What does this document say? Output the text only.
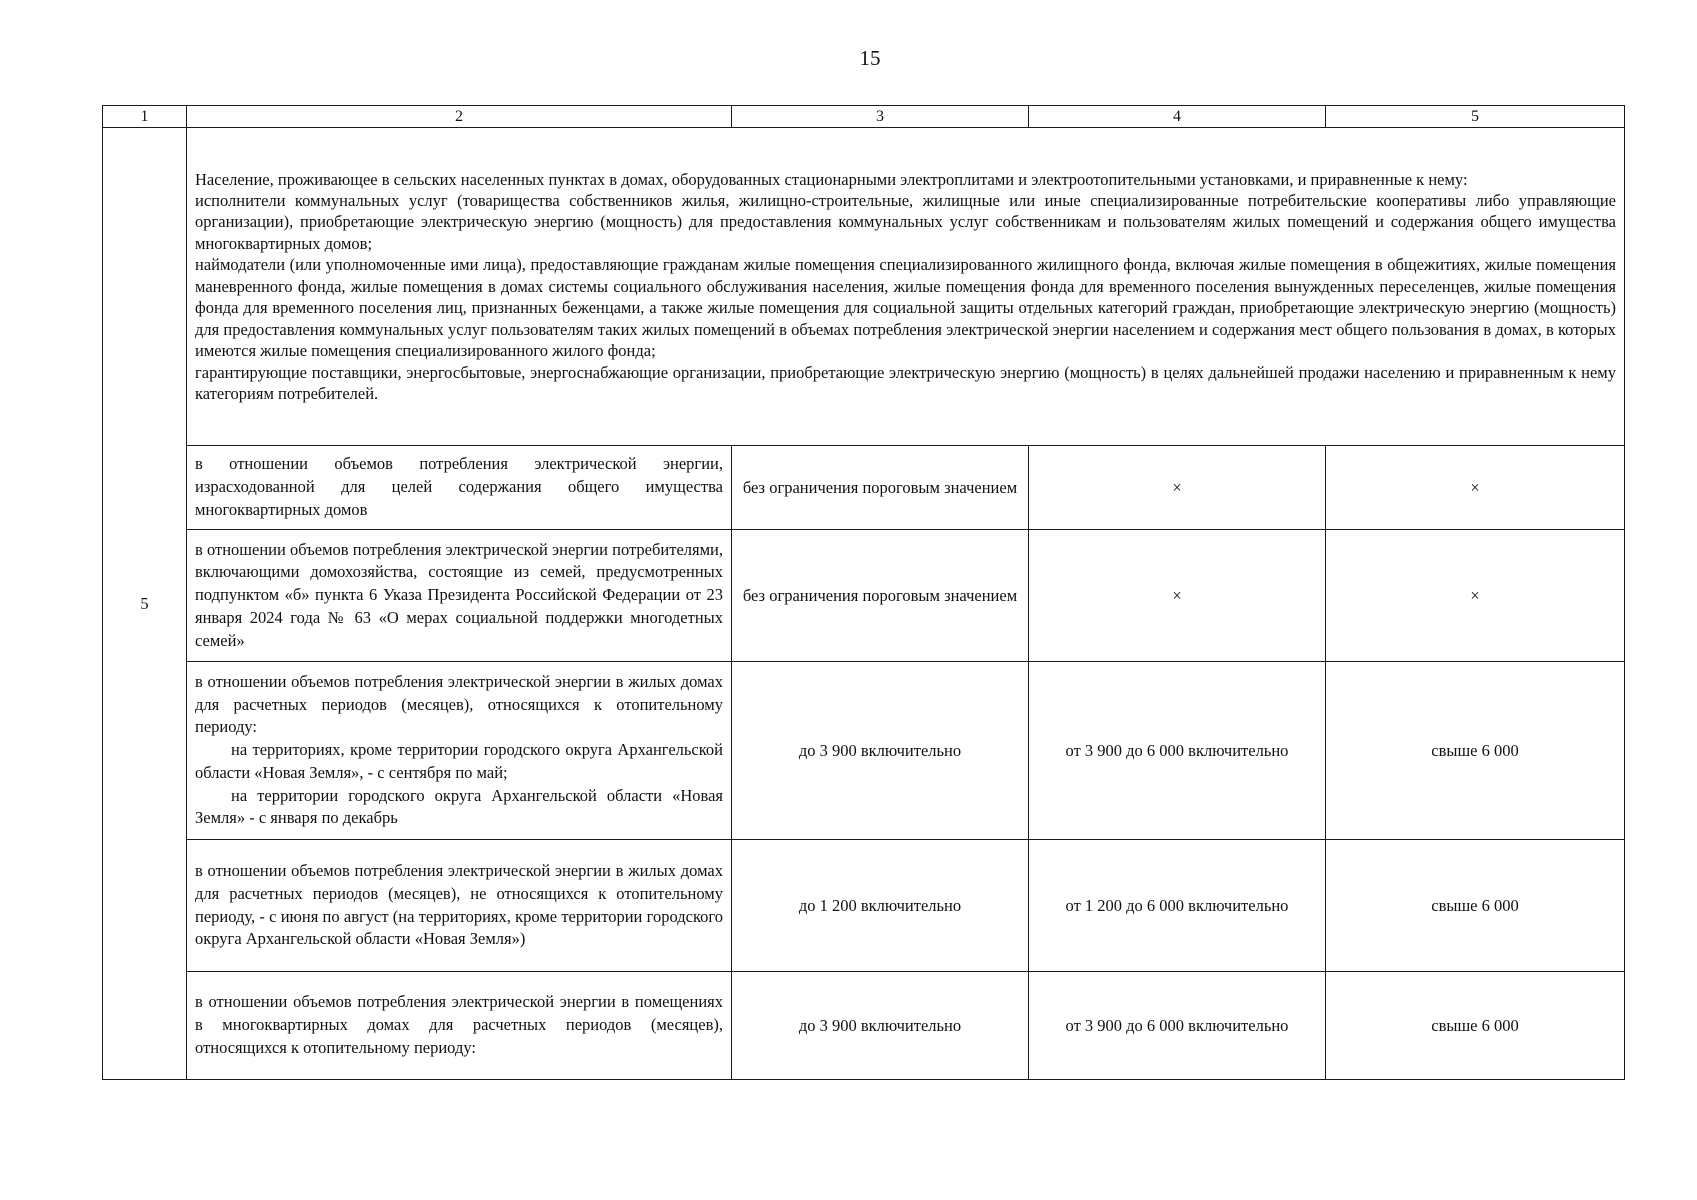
15
1	2	3	4	5
5	Население, проживающее в сельских населенных пунктах в домах, оборудованных стационарными электроплитами и электроотопительными установками, и приравненные к нему:

исполнители коммунальных услуг (товарищества собственников жилья, жилищно-строительные, жилищные или иные специализированные потребительские кооперативы либо управляющие организации), приобретающие электрическую энергию (мощность) для предоставления коммунальных услуг собственникам и пользователям жилых помещений и содержания общего имущества многоквартирных домов;

наймодатели (или уполномоченные ими лица), предоставляющие гражданам жилые помещения специализированного жилищного фонда, включая жилые помещения в общежитиях, жилые помещения маневренного фонда, жилые помещения в домах системы социального обслуживания населения, жилые помещения фонда для временного поселения вынужденных переселенцев, жилые помещения фонда для временного поселения лиц, признанных беженцами, а также жилые помещения для социальной защиты отдельных категорий граждан, приобретающие электрическую энергию (мощность) для предоставления коммунальных услуг пользователям таких жилых помещений в объемах потребления электрической энергии населением и содержания мест общего пользования в домах, в которых имеются жилые помещения специализированного жилого фонда;

гарантирующие поставщики, энергосбытовые, энергоснабжающие организации, приобретающие электрическую энергию (мощность) в целях дальнейшей продажи населению и приравненным к нему категориям потребителей.			

	в отношении объемов потребления электрической энергии, израсходованной для целей содержания общего имущества многоквартирных домов	без ограничения пороговым значением	×	×
	в отношении объемов потребления электрической энергии потребителями, включающими домохозяйства, состоящие из семей, предусмотренных подпунктом «б» пункта 6 Указа Президента Российской Федерации от 23 января 2024 года № 63 «О мерах социальной поддержки многодетных семей»	без ограничения пороговым значением	×	×

	в отношении объемов потребления электрической энергии в жилых домах для расчетных периодов (месяцев), относящихся к отопительному периоду:

на территориях, кроме территории городского округа Архангельской области «Новая Земля», - с сентября по май;

на территории городского округа Архангельской области «Новая Земля» - с января по декабрь	до 3 900 включительно	от 3 900 до 6 000 включительно	свыше 6 000
	в отношении объемов потребления электрической энергии в жилых домах для расчетных периодов (месяцев), не относящихся к отопительному периоду, - с июня по август (на территориях, кроме территории городского округа Архангельской области «Новая Земля»)	до 1 200 включительно	от 1 200 до 6 000 включительно	свыше 6 000
	в отношении объемов потребления электрической энергии в помещениях в многоквартирных домах для расчетных периодов (месяцев), относящихся к отопительному периоду:	до 3 900 включительно	от 3 900 до 6 000 включительно	свыше 6 000
